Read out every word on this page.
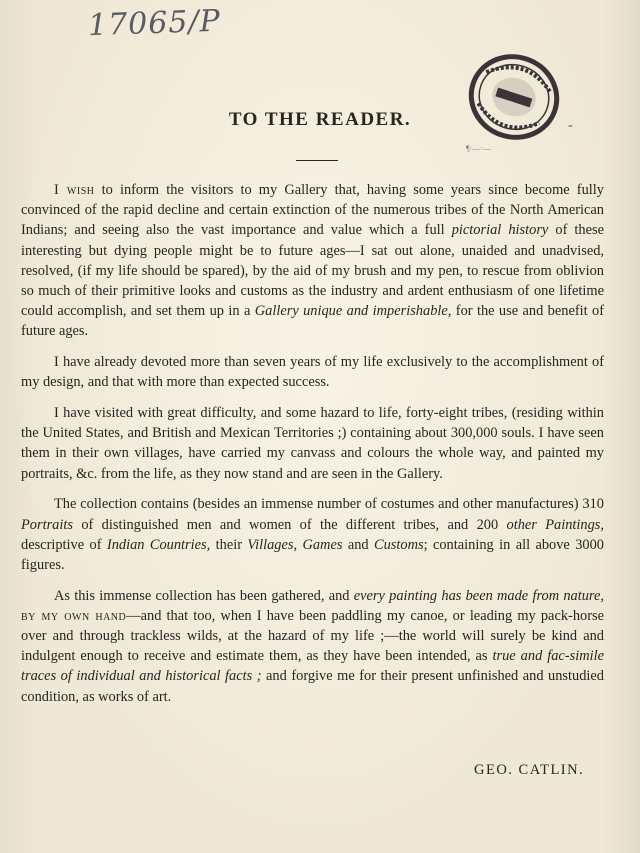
17065/P
-
¶·—·—
TO THE READER.

I wish to inform the visitors to my Gallery that, having some years since become fully convinced of the rapid decline and certain extinction of the numerous tribes of the North American Indians; and seeing also the vast importance and value which a full pictorial history of these interesting but dying people might be to future ages—I sat out alone, unaided and unadvised, resolved, (if my life should be spared), by the aid of my brush and my pen, to rescue from oblivion so much of their primitive looks and customs as the industry and ardent enthusiasm of one lifetime could accomplish, and set them up in a Gallery unique and imperishable, for the use and benefit of future ages.

I have already devoted more than seven years of my life exclusively to the accomplishment of my design, and that with more than expected success.

I have visited with great difficulty, and some hazard to life, forty-eight tribes, (residing within the United States, and British and Mexican Territories ;) containing about 300,000 souls. I have seen them in their own villages, have carried my canvass and colours the whole way, and painted my portraits, &c. from the life, as they now stand and are seen in the Gallery.

The collection contains (besides an immense number of costumes and other manufactures) 310 Portraits of distinguished men and women of the different tribes, and 200 other Paintings, descriptive of Indian Countries, their Villages, Games and Customs; containing in all above 3000 figures.

As this immense collection has been gathered, and every painting has been made from nature, by my own hand—and that too, when I have been paddling my canoe, or leading my pack-horse over and through trackless wilds, at the hazard of my life ;—the world will surely be kind and indulgent enough to receive and estimate them, as they have been intended, as true and fac-simile traces of individual and historical facts ; and forgive me for their present unfinished and unstudied condition, as works of art.

GEO. CATLIN.
